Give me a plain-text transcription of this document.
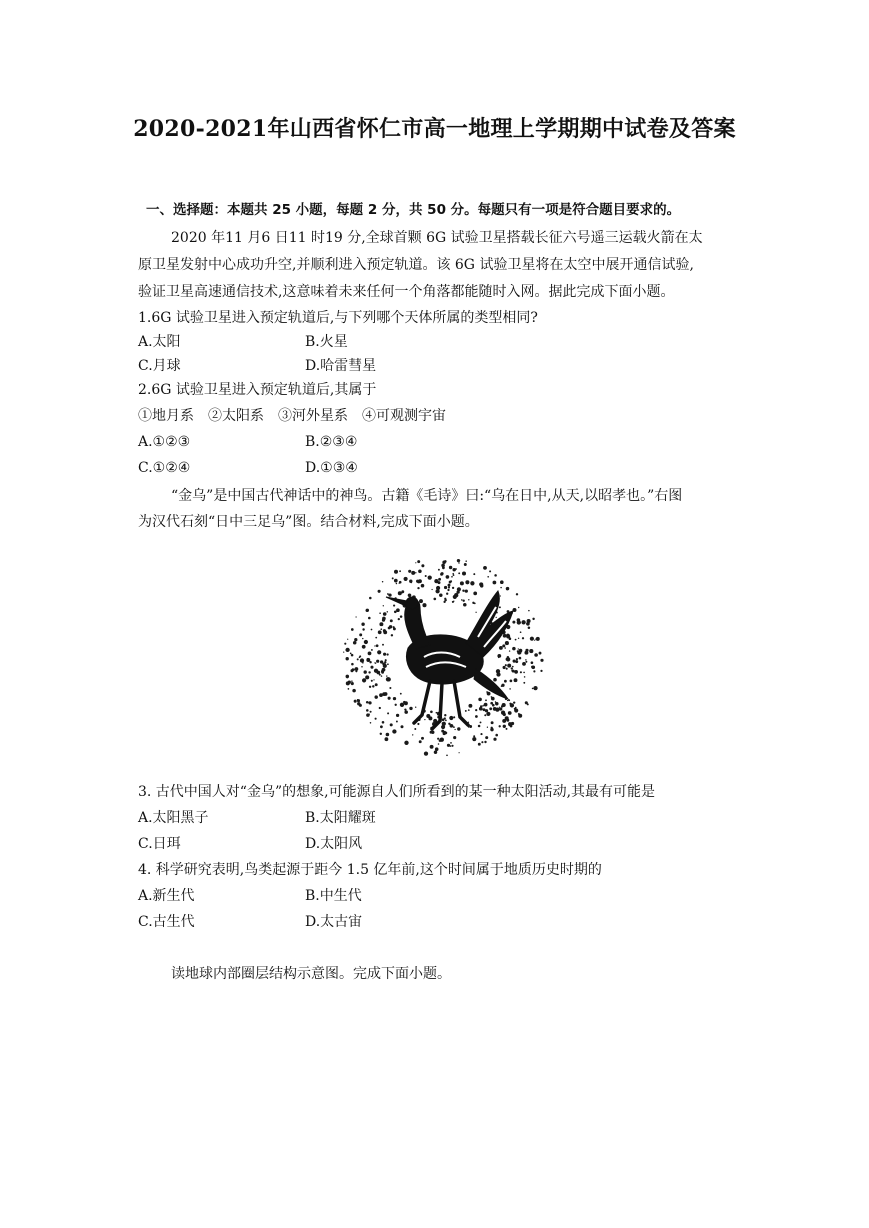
2020-2021年山西省怀仁市高一地理上学期期中试卷及答案
一、选择题：本题共 25 小题，每题 2 分，共 50 分。每题只有一项是符合题目要求的。
2020 年11 月6 日11 时19 分,全球首颗 6G 试验卫星搭载长征六号遥三运载火箭在太
原卫星发射中心成功升空,并顺利进入预定轨道。该 6G 试验卫星将在太空中展开通信试验,
验证卫星高速通信技术,这意味着未来任何一个角落都能随时入网。据此完成下面小题。
1.6G 试验卫星进入预定轨道后,与下列哪个天体所属的类型相同?
A.太阳	B.火星
C.月球	D.哈雷彗星
2.6G 试验卫星进入预定轨道后,其属于
①地月系　②太阳系　③河外星系　④可观测宇宙
A.①②③	B.②③④
C.①②④	D.①③④
“金乌”是中国古代神话中的神鸟。古籍《毛诗》曰:“乌在日中,从天,以昭孝也。”右图
为汉代石刻“日中三足乌”图。结合材料,完成下面小题。
3. 古代中国人对“金乌”的想象,可能源自人们所看到的某一种太阳活动,其最有可能是
A.太阳黑子	B.太阳耀斑
C.日珥	D.太阳风
4. 科学研究表明,鸟类起源于距今 1.5 亿年前,这个时间属于地质历史时期的
A.新生代	B.中生代
C.古生代	D.太古宙
读地球内部圈层结构示意图。完成下面小题。
